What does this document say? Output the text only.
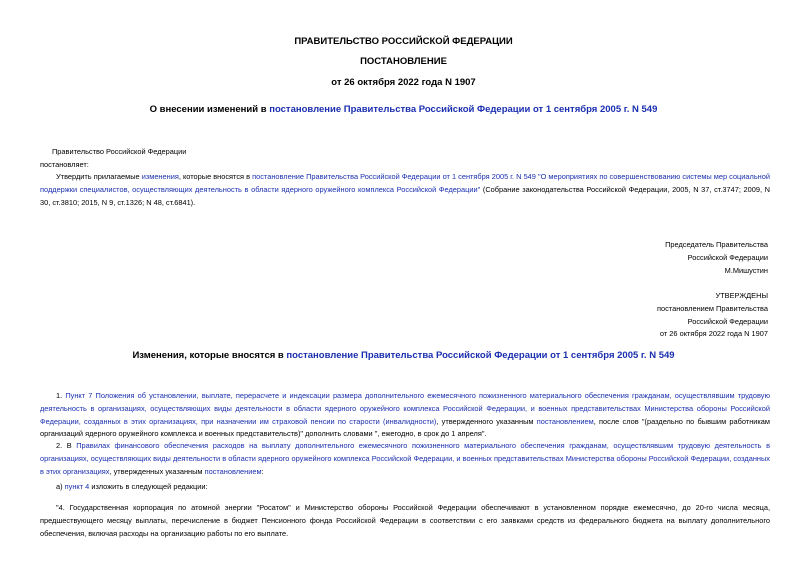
ПРАВИТЕЛЬСТВО РОССИЙСКОЙ ФЕДЕРАЦИИ
ПОСТАНОВЛЕНИЕ
от 26 октября 2022 года N 1907
О внесении изменений в постановление Правительства Российской Федерации от 1 сентября 2005 г. N 549
Правительство Российской Федерации
постановляет:
Утвердить прилагаемые изменения, которые вносятся в постановление Правительства Российской Федерации от 1 сентября 2005 г. N 549 "О мероприятиях по совершенствованию системы мер социальной поддержки специалистов, осуществляющих деятельность в области ядерного оружейного комплекса Российской Федерации" (Собрание законодательства Российской Федерации, 2005, N 37, ст.3747; 2009, N 30, ст.3810; 2015, N 9, ст.1326; N 48, ст.6841).
Председатель Правительства
Российской Федерации
М.Мишустин
УТВЕРЖДЕНЫ
постановлением Правительства
Российской Федерации
от 26 октября 2022 года N 1907
Изменения, которые вносятся в постановление Правительства Российской Федерации от 1 сентября 2005 г. N 549
1. Пункт 7 Положения об установлении, выплате, перерасчете и индексации размера дополнительного ежемесячного пожизненного материального обеспечения гражданам, осуществлявшим трудовую деятельность в организациях, осуществляющих виды деятельности в области ядерного оружейного комплекса Российской Федерации, и военных представительствах Министерства обороны Российской Федерации, созданных в этих организациях, при назначении им страховой пенсии по старости (инвалидности), утвержденного указанным постановлением, после слов "(раздельно по бывшим работникам организаций ядерного оружейного комплекса и военных представительств)" дополнить словами ", ежегодно, в срок до 1 апреля".
2. В Правилах финансового обеспечения расходов на выплату дополнительного ежемесячного пожизненного материального обеспечения гражданам, осуществлявшим трудовую деятельность в организациях, осуществляющих виды деятельности в области ядерного оружейного комплекса Российской Федерации, и военных представительствах Министерства обороны Российской Федерации, созданных в этих организациях, утвержденных указанным постановлением:
а) пункт 4 изложить в следующей редакции:
"4. Государственная корпорация по атомной энергии "Росатом" и Министерство обороны Российской Федерации обеспечивают в установленном порядке ежемесячно, до 20-го числа месяца, предшествующего месяцу выплаты, перечисление в бюджет Пенсионного фонда Российской Федерации в соответствии с его заявками средств из федерального бюджета на выплату дополнительного обеспечения, включая расходы на организацию работы по его выплате.
